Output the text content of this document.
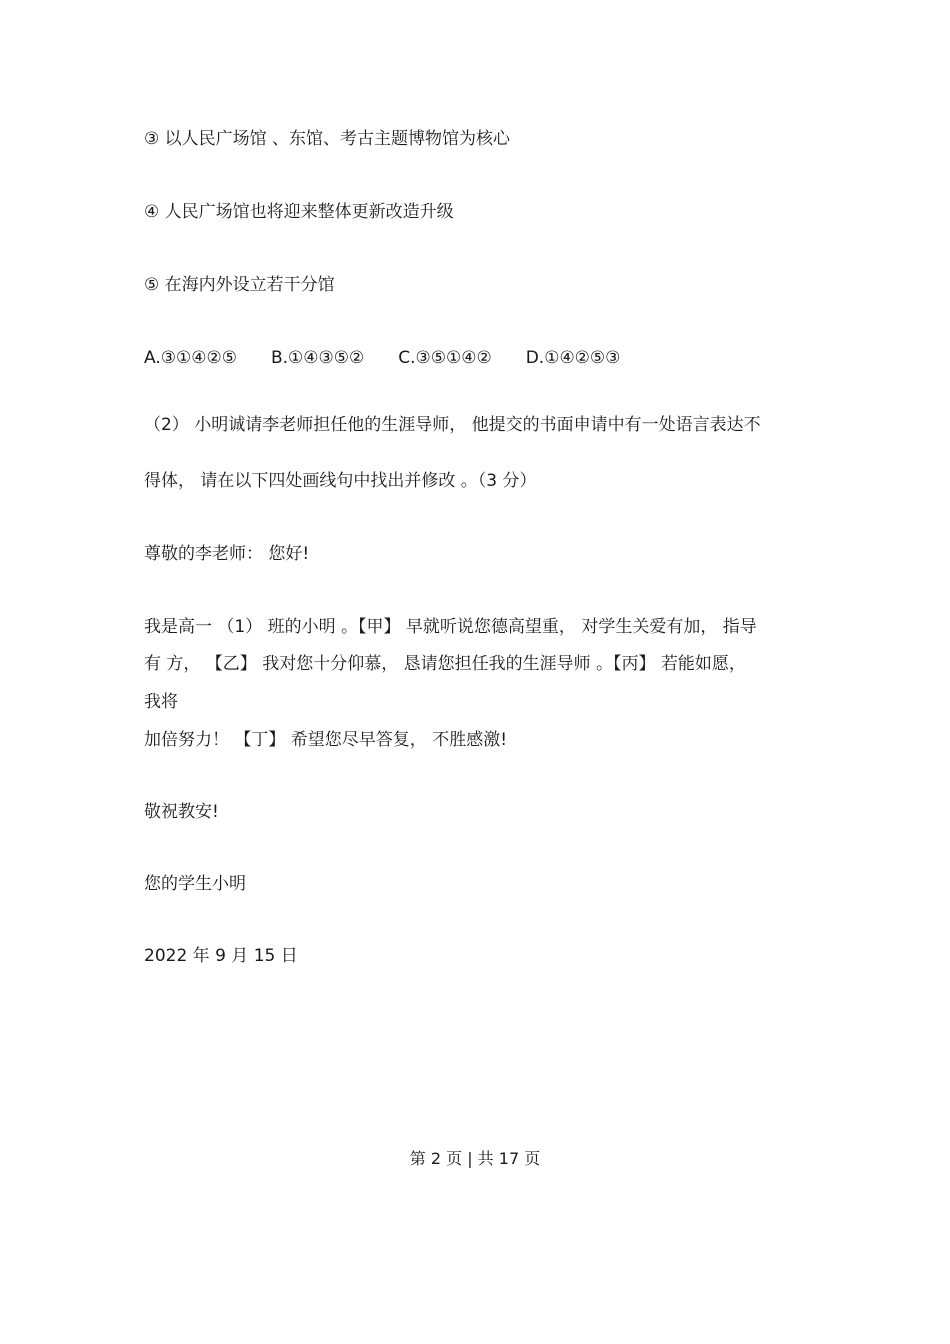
③ 以人民广场馆 、东馆、考古主题博物馆为核心
④ 人民广场馆也将迎来整体更新改造升级
⑤ 在海内外设立若干分馆
A.③①④②⑤ B.①④③⑤② C.③⑤①④② D.①④②⑤③
（2） 小明诚请李老师担任他的生涯导师， 他提交的书面申请中有一处语言表达不
得体， 请在以下四处画线句中找出并修改 。（3 分）
尊敬的李老师： 您好!
我是高一 （1） 班的小明 。【甲】 早就听说您德高望重， 对学生关爱有加， 指导
有 方， 【乙】 我对您十分仰慕， 恳请您担任我的生涯导师 。【丙】 若能如愿，
我将
加倍努力！ 【丁】 希望您尽早答复， 不胜感激!
敬祝教安!
您的学生小明
2022 年 9 月 15 日
第 2 页 | 共 17 页
